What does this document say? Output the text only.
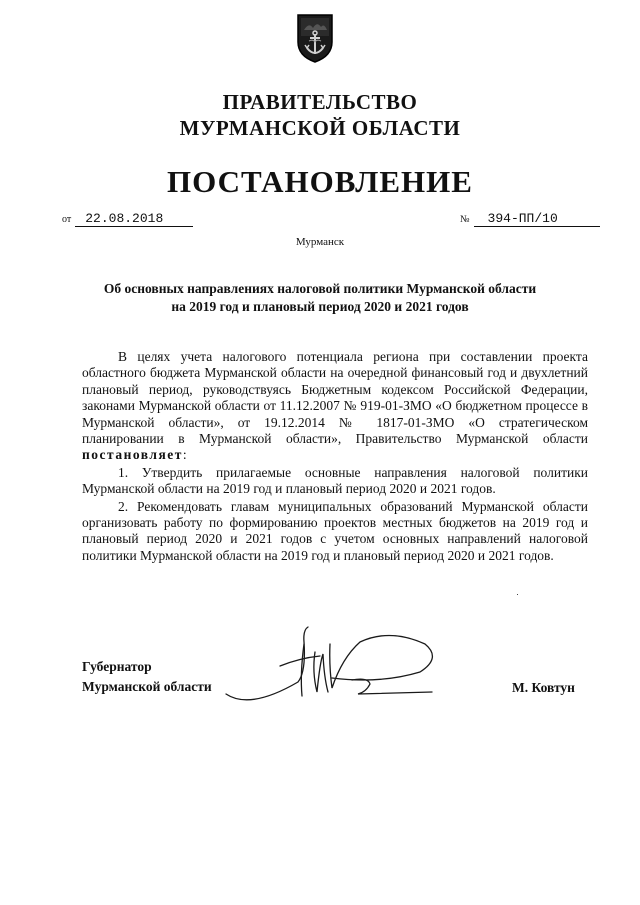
ПРАВИТЕЛЬСТВО
МУРМАНСКОЙ ОБЛАСТИ
ПОСТАНОВЛЕНИЕ
от 22.08.2018	№ 394-ПП/10
Мурманск
Об основных направлениях налоговой политики Мурманской области
на 2019 год и плановый период 2020 и 2021 годов

В целях учета налогового потенциала региона при составлении проекта областного бюджета Мурманской области на очередной финансовый год и двухлетний плановый период, руководствуясь Бюджетным кодексом Российской Федерации, законами Мурманской области от 11.12.2007 № 919-01-ЗМО «О бюджетном процессе в Мурманской области», от 19.12.2014 № 1817-01-ЗМО «О стратегическом планировании в Мурманской области», Правительство Мурманской области постановляет:

1. Утвердить прилагаемые основные направления налоговой политики Мурманской области на 2019 год и плановый период 2020 и 2021 годов.

2. Рекомендовать главам муниципальных образований Мурманской области организовать работу по формированию проектов местных бюджетов на 2019 год и плановый период 2020 и 2021 годов с учетом основных направлений налоговой политики Мурманской области на 2019 год и плановый период 2020 и 2021 годов.

Губернатор
Мурманской области	М. Ковтун
